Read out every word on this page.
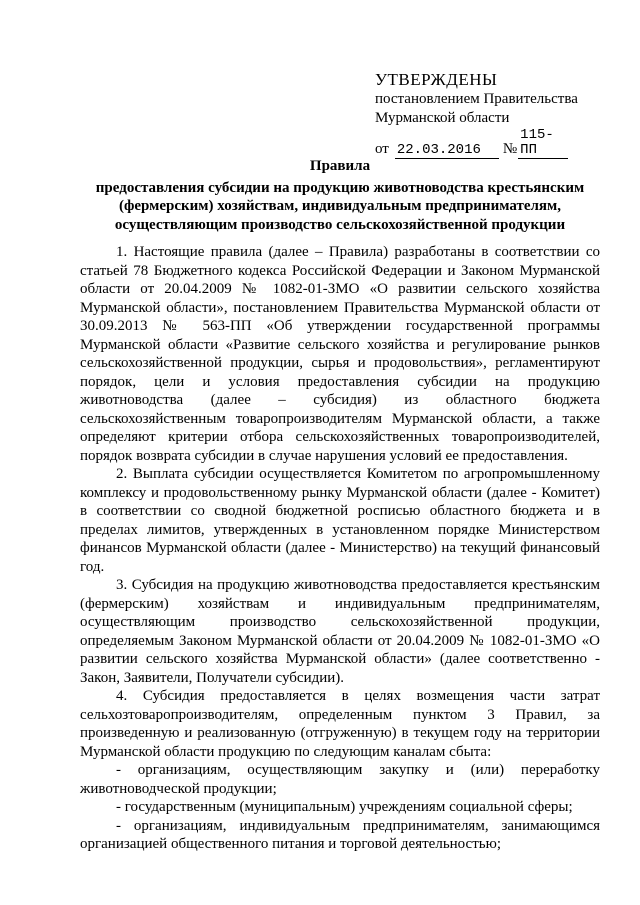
УТВЕРЖДЕНЫ
постановлением Правительства
Мурманской области
от 22.03.2016	№
115-ПП
Правила
предоставления субсидии на продукцию животноводства крестьянским (фермерским) хозяйствам, индивидуальным предпринимателям, осуществляющим производство сельскохозяйственной продукции

1. Настоящие правила (далее – Правила) разработаны в соответствии со статьей 78 Бюджетного кодекса Российской Федерации и Законом Мурманской области от 20.04.2009 № 1082-01-ЗМО «О развитии сельского хозяйства Мурманской области», постановлением Правительства Мурманской области от 30.09.2013 № 563-ПП «Об утверждении государственной программы Мурманской области «Развитие сельского хозяйства и регулирование рынков сельскохозяйственной продукции, сырья и продовольствия», регламентируют порядок, цели и условия предоставления субсидии на продукцию животноводства (далее – субсидия) из областного бюджета сельскохозяйственным товаропроизводителям Мурманской области, а также определяют критерии отбора сельскохозяйственных товаропроизводителей, порядок возврата субсидии в случае нарушения условий ее предоставления.

2. Выплата субсидии осуществляется Комитетом по агропромышленному комплексу и продовольственному рынку Мурманской области (далее - Комитет) в соответствии со сводной бюджетной росписью областного бюджета и в пределах лимитов, утвержденных в установленном порядке Министерством финансов Мурманской области (далее - Министерство) на текущий финансовый год.

3. Субсидия на продукцию животноводства предоставляется крестьянским (фермерским) хозяйствам и индивидуальным предпринимателям, осуществляющим производство сельскохозяйственной продукции, определяемым Законом Мурманской области от 20.04.2009 № 1082-01-ЗМО «О развитии сельского хозяйства Мурманской области» (далее соответственно - Закон, Заявители, Получатели субсидии).

4. Субсидия предоставляется в целях возмещения части затрат сельхозтоваропроизводителям, определенным пунктом 3 Правил, за произведенную и реализованную (отгруженную) в текущем году на территории Мурманской области продукцию по следующим каналам сбыта:

- организациям, осуществляющим закупку и (или) переработку животноводческой продукции;

- государственным (муниципальным) учреждениям социальной сферы;

- организациям, индивидуальным предпринимателям, занимающимся организацией общественного питания и торговой деятельностью;
